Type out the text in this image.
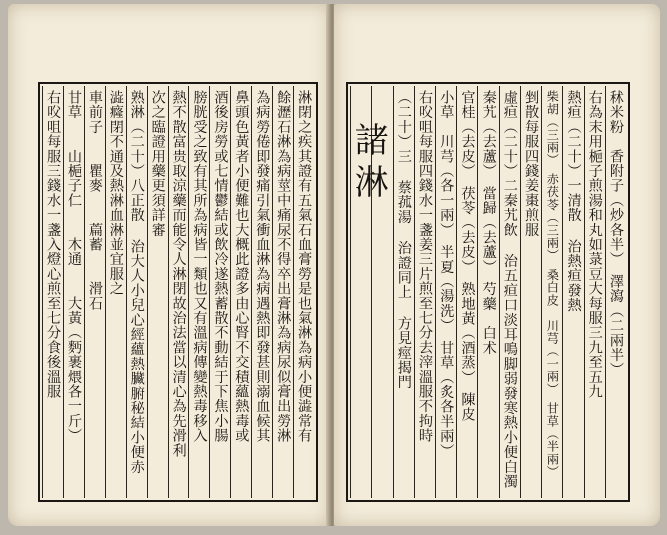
淋閉之疾其證有五氣石血膏勞是也氣淋為病小便澁常有
餘瀝石淋為病莖中痛尿不得卒出膏淋為病尿似膏出勞淋
為病勞倦即發痛引氣衝血淋為病遇熱即發甚則溺血候其
鼻頭色黃者小便難也大概此證多由心腎不交積蘊熱毒或
酒後房勞或七情鬱結或飲冷遂熱蓄散不動結于下焦小腸
膀胱受之致有其所為病皆一類也又有溫病傳變熱毒移入
熱不散富贵取涼藥而能令人淋閉故治法當以清心為先滑利
次之臨證用藥更須詳審
熟淋（二十）八正散 治大人小兒心經蘊熱臟腑秘結小便赤
澁癃閉不通及熱淋血淋並宜服之
車前子　　瞿麥　　萹蓄　　滑石
甘草　　山梔子仁　　木通　　大黃（麪裹煨各一斤）
右㕮咀每服三錢水一盞入燈心煎至七分食後溫服	秫米粉　香附子（炒各半）　澤瀉（二兩半）
右為末用梔子煎湯和丸如菉豆大每服三九至五九
熱疸（二十）一清散 治熱疸發熱
柴胡（三兩）　赤茯苓（三兩）　桑白皮　川芎（一兩）　甘草（半兩）
剉散每服四錢姜棗煎服
虛疸（二十）二秦艽飲 治五疸口淡耳鳴脚弱發寒熱小便白濁
秦艽（去蘆）　當歸（去蘆）　芍藥　白术
官桂（去皮）　茯苓（去皮）　熟地黃（酒蒸）　陳皮
小草　川芎（各一兩）　半夏（湯洗）　甘草（炙各半兩）
右㕮咀每服四錢水一盞姜三片煎至七分去滓溫服不拘時
（二十）三 蔡菰湯 治證同上 方見痙揭門
諸淋
